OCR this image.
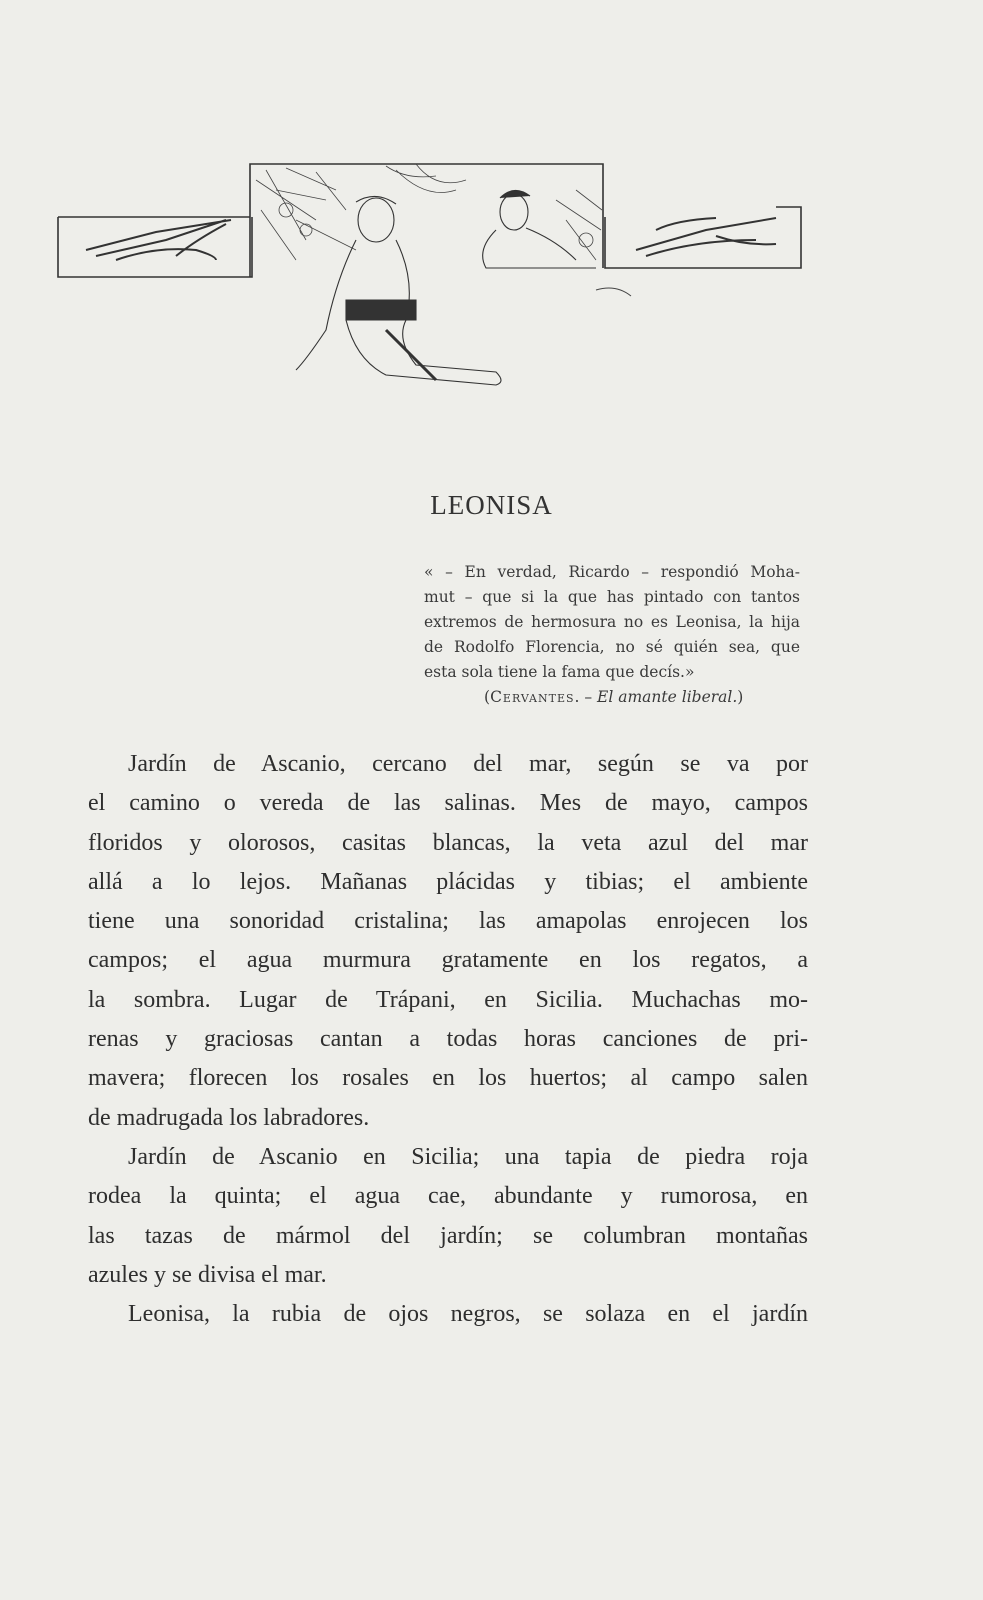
LEONISA
« – En verdad, Ricardo – respondió Moha-
mut – que si la que has pintado con tantos
extremos de hermosura no es Leonisa, la hija
de Rodolfo Florencia, no sé quién sea, que
esta sola tiene la fama que decís.»
(Cervantes. – El amante liberal.)
Jardín de Ascanio, cercano del mar, según se va por
el camino o vereda de las salinas. Mes de mayo, campos
floridos y olorosos, casitas blancas, la veta azul del mar
allá a lo lejos. Mañanas plácidas y tibias; el ambiente
tiene una sonoridad cristalina; las amapolas enrojecen los
campos; el agua murmura gratamente en los regatos, a
la sombra. Lugar de Trápani, en Sicilia. Muchachas mo-
renas y graciosas cantan a todas horas canciones de pri-
mavera; florecen los rosales en los huertos; al campo salen
de madrugada los labradores.
Jardín de Ascanio en Sicilia; una tapia de piedra roja
rodea la quinta; el agua cae, abundante y rumorosa, en
las tazas de mármol del jardín; se columbran montañas
azules y se divisa el mar.
Leonisa, la rubia de ojos negros, se solaza en el jardín
